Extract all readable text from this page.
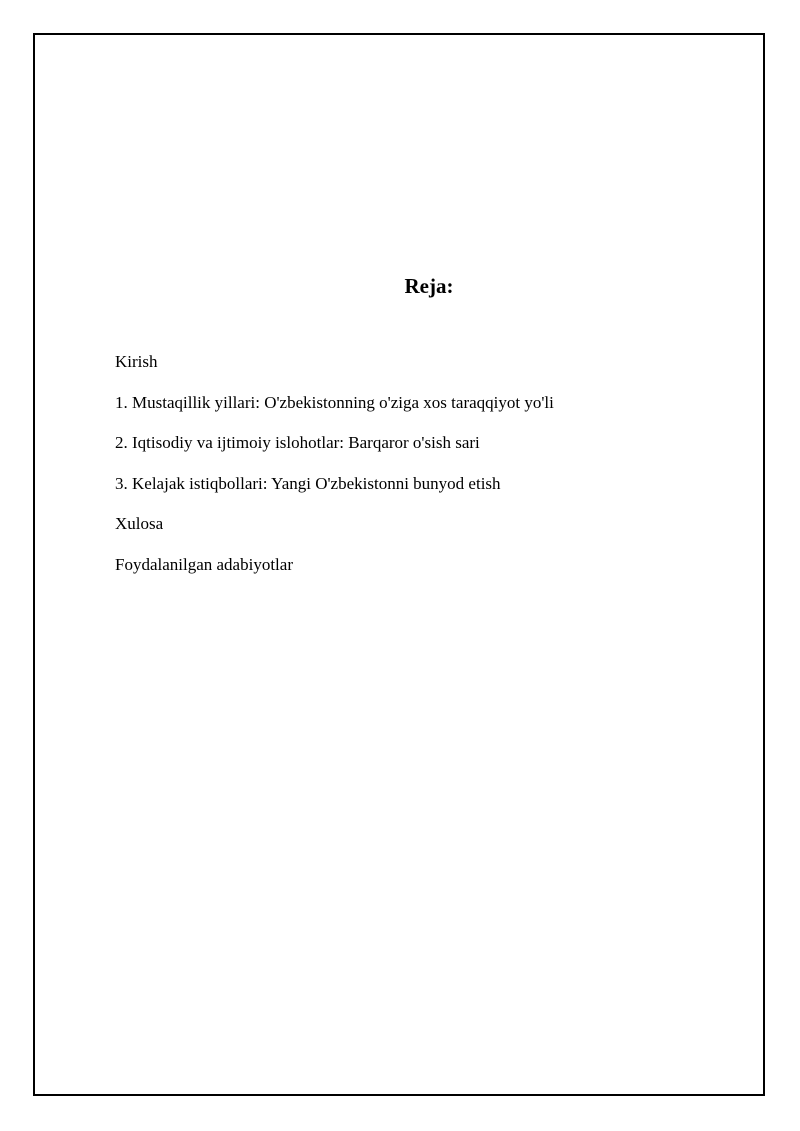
Reja:
Kirish
1. Mustaqillik yillari: O'zbekistonning o'ziga xos taraqqiyot yo'li
2. Iqtisodiy va ijtimoiy islohotlar: Barqaror o'sish sari
3. Kelajak istiqbollari: Yangi O'zbekistonni bunyod etish
Xulosa
Foydalanilgan adabiyotlar
